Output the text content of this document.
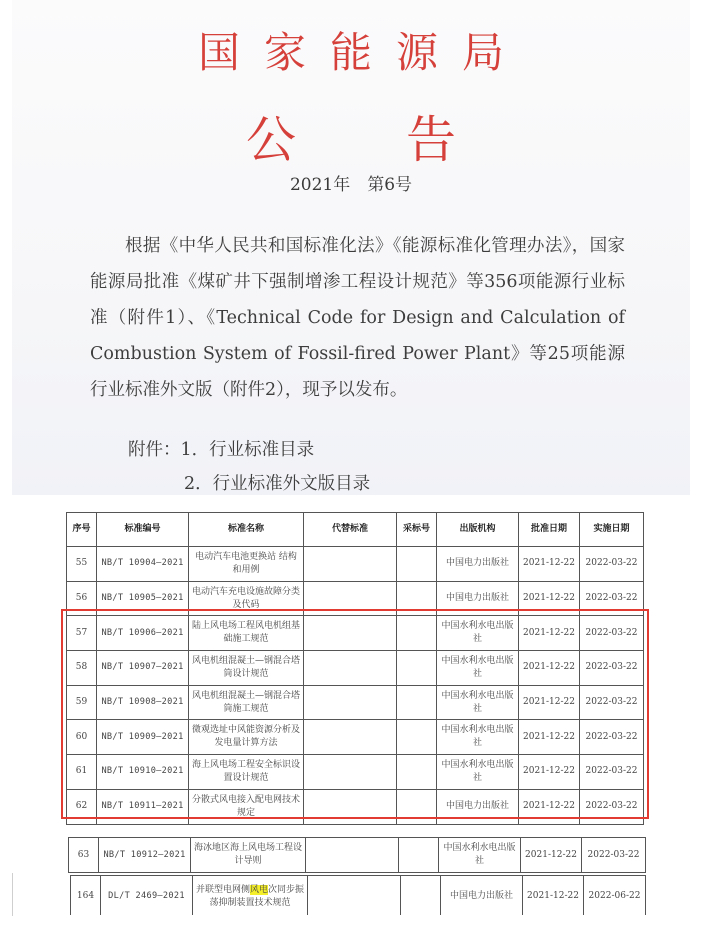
国家能源局
公告
2021年　第6号

根据《中华人民共和国标准化法》《能源标准化管理办法》，国家能源局批准《煤矿井下强制增渗工程设计规范》等356项能源行业标准（附件1）、《Technical Code for Design and Calculation of Combustion System of Fossil-fired Power Plant》等25项能源行业标准外文版（附件2），现予以发布。

附件：1．行业标准目录
2．行业标准外文版目录
序号	标准编号	标准名称	代替标准	采标号	出版机构	批准日期	实施日期
55	NB/T 10904—2021	电动汽车电池更换站 结构和用例			中国电力出版社	2021-12-22	2022-03-22
56	NB/T 10905—2021	电动汽车充电设施故障分类及代码			中国电力出版社	2021-12-22	2022-03-22
57	NB/T 10906—2021	陆上风电场工程风电机组基础施工规范			中国水利水电出版社	2021-12-22	2022-03-22
58	NB/T 10907—2021	风电机组混凝土—钢混合塔筒设计规范			中国水利水电出版社	2021-12-22	2022-03-22
59	NB/T 10908—2021	风电机组混凝土—钢混合塔筒施工规范			中国水利水电出版社	2021-12-22	2022-03-22
60	NB/T 10909—2021	微观选址中风能资源分析及发电量计算方法			中国水利水电出版社	2021-12-22	2022-03-22
61	NB/T 10910—2021	海上风电场工程安全标识设置设计规范			中国水利水电出版社	2021-12-22	2022-03-22
62	NB/T 10911—2021	分散式风电接入配电网技术规定			中国电力出版社	2021-12-22	2022-03-22
63	NB/T 10912—2021	海冰地区海上风电场工程设计导则			中国水利水电出版社	2021-12-22	2022-03-22
164	DL/T 2469—2021	并联型电网侧风电次同步振荡抑制装置技术规范			中国电力出版社	2021-12-22	2022-06-22
